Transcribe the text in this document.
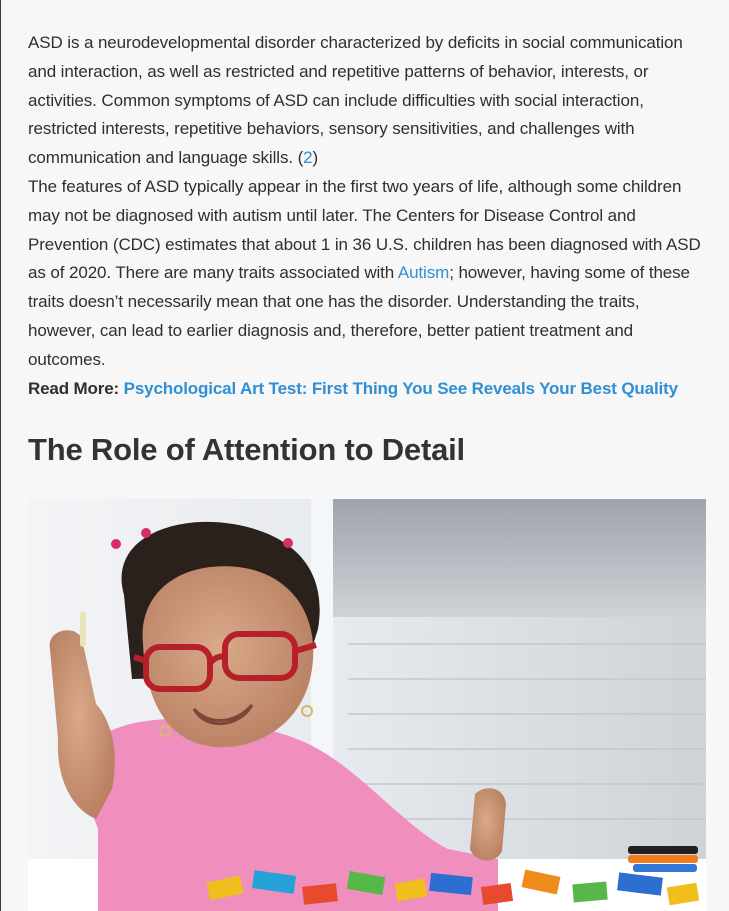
ASD is a neurodevelopmental disorder characterized by deficits in social communication and interaction, as well as restricted and repetitive patterns of behavior, interests, or activities. Common symptoms of ASD can include difficulties with social interaction, restricted interests, repetitive behaviors, sensory sensitivities, and challenges with communication and language skills. (2)

The features of ASD typically appear in the first two years of life, although some children may not be diagnosed with autism until later. The Centers for Disease Control and Prevention (CDC) estimates that about 1 in 36 U.S. children has been diagnosed with ASD as of 2020. There are many traits associated with Autism; however, having some of these traits doesn’t necessarily mean that one has the disorder. Understanding the traits, however, can lead to earlier diagnosis and, therefore, better patient treatment and outcomes.

Read More: Psychological Art Test: First Thing You See Reveals Your Best Quality

The Role of Attention to Detail
